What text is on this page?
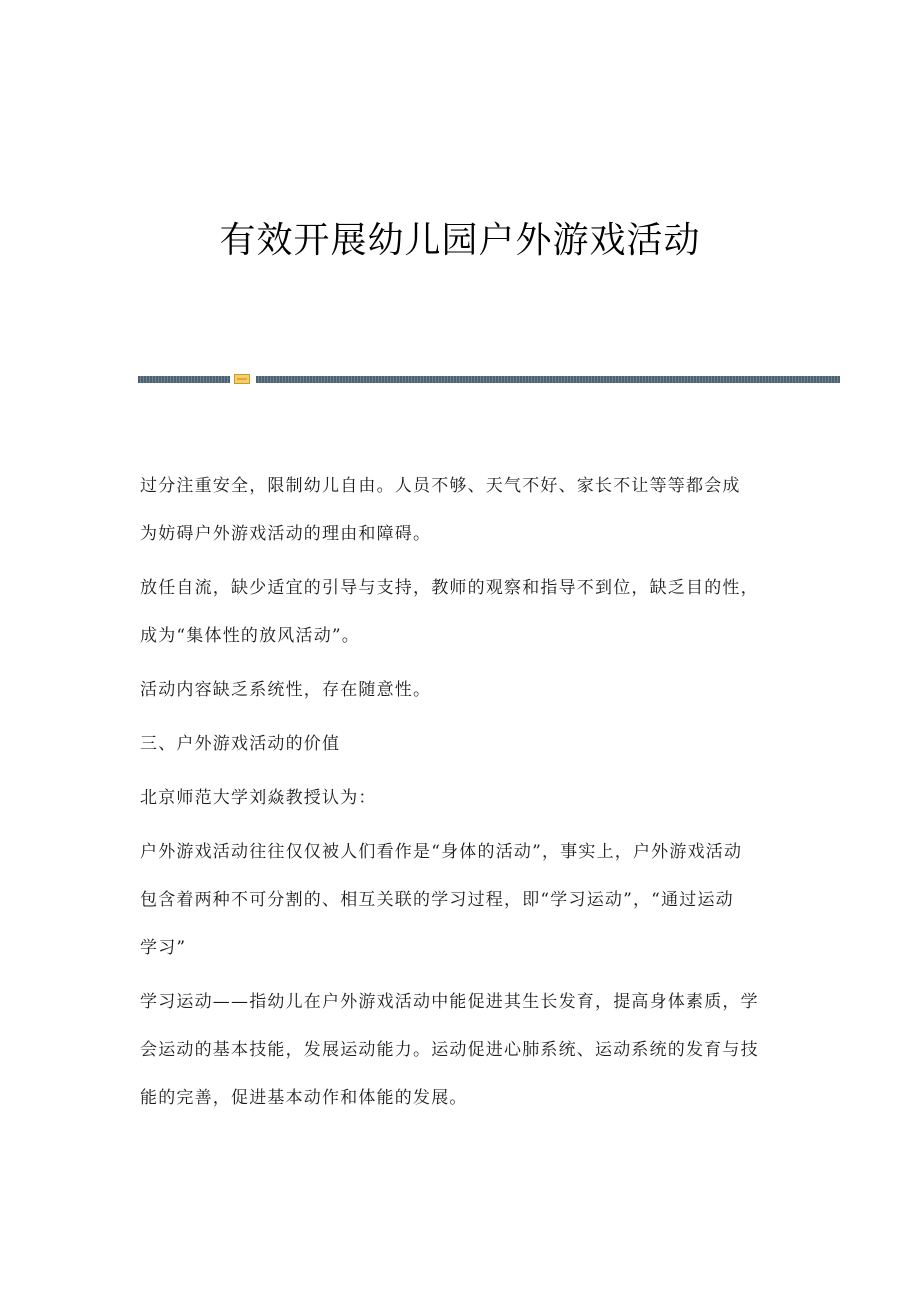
有效开展幼儿园户外游戏活动

过分注重安全，限制幼儿自由。人员不够、天气不好、家长不让等等都会成
为妨碍户外游戏活动的理由和障碍。

放任自流，缺少适宜的引导与支持，教师的观察和指导不到位，缺乏目的性，
成为“集体性的放风活动”。

活动内容缺乏系统性，存在随意性。

三、户外游戏活动的价值

北京师范大学刘焱教授认为：

户外游戏活动往往仅仅被人们看作是“身体的活动”，事实上，户外游戏活动
包含着两种不可分割的、相互关联的学习过程，即“学习运动”，“通过运动
学习”

学习运动——指幼儿在户外游戏活动中能促进其生长发育，提高身体素质，学
会运动的基本技能，发展运动能力。运动促进心肺系统、运动系统的发育与技
能的完善，促进基本动作和体能的发展。
